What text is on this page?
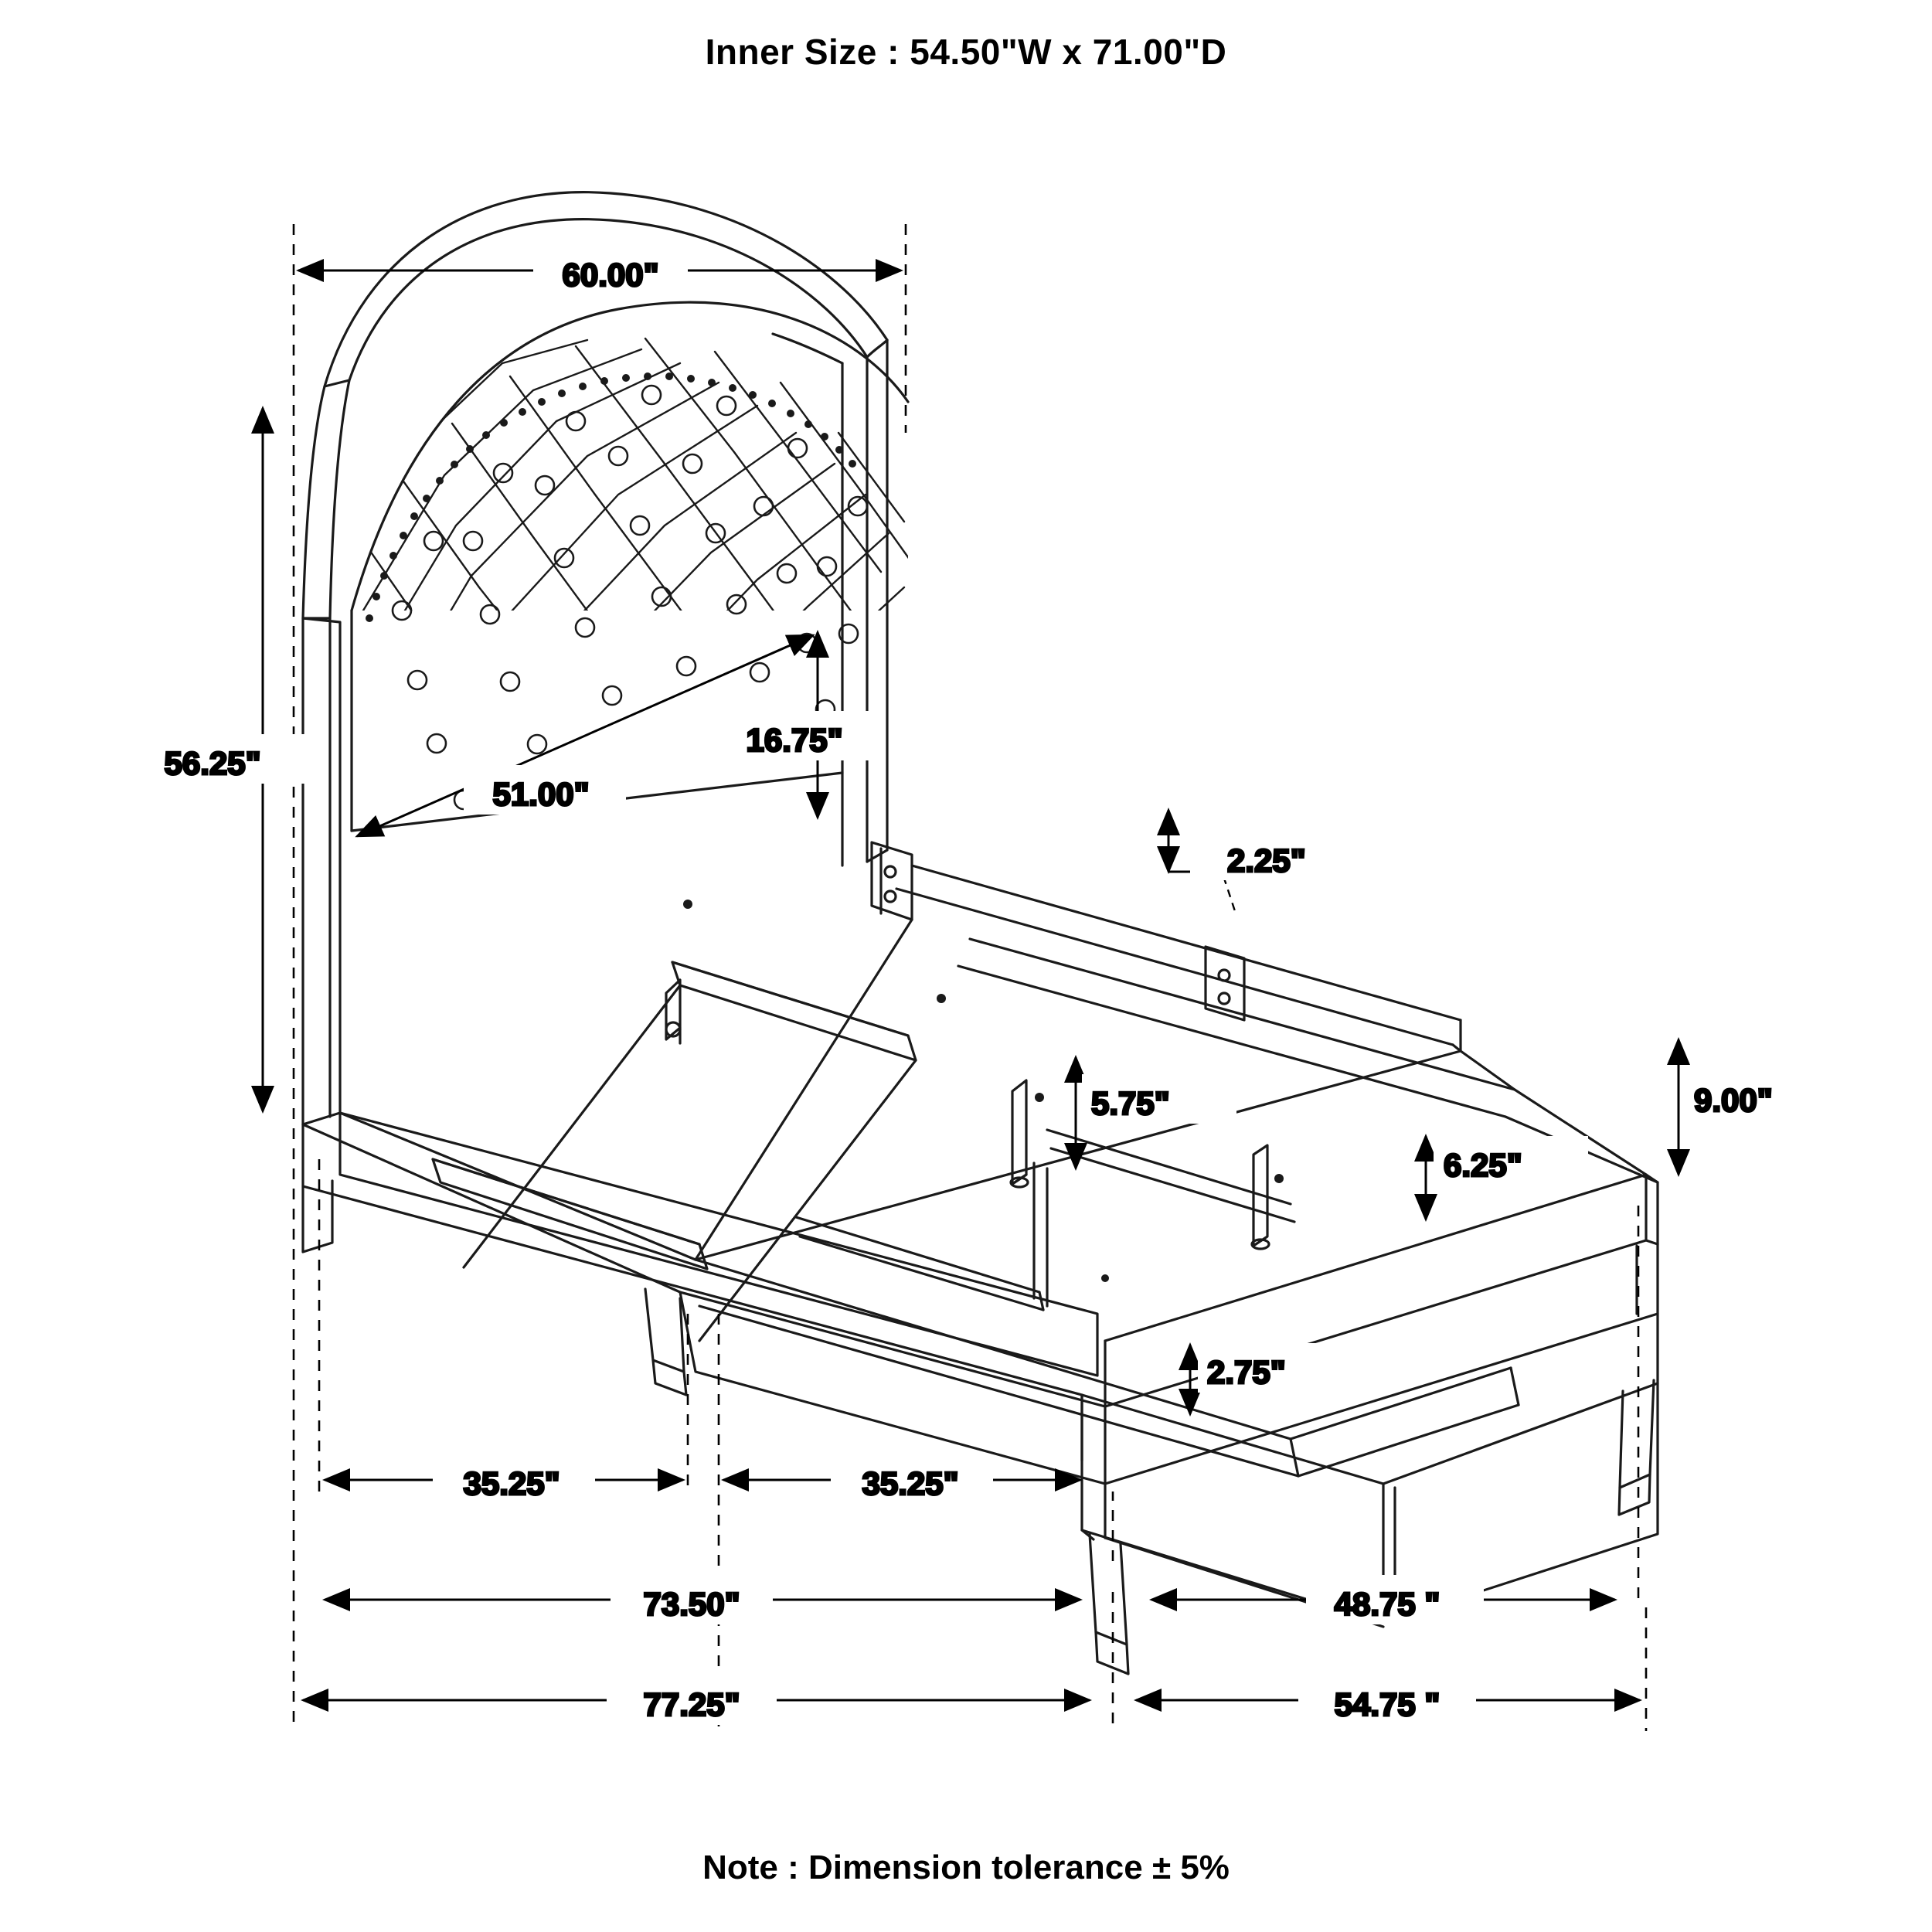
Inner Size : 54.50"W x 71.00"D
60.00"
56.25"
51.00"
16.75"
2.25"
5.75"
6.25"
9.00"
2.75"
35.25"	35.25"
73.50"	48.75 "
77.25"	54.75 "
Note : Dimension tolerance ± 5%
